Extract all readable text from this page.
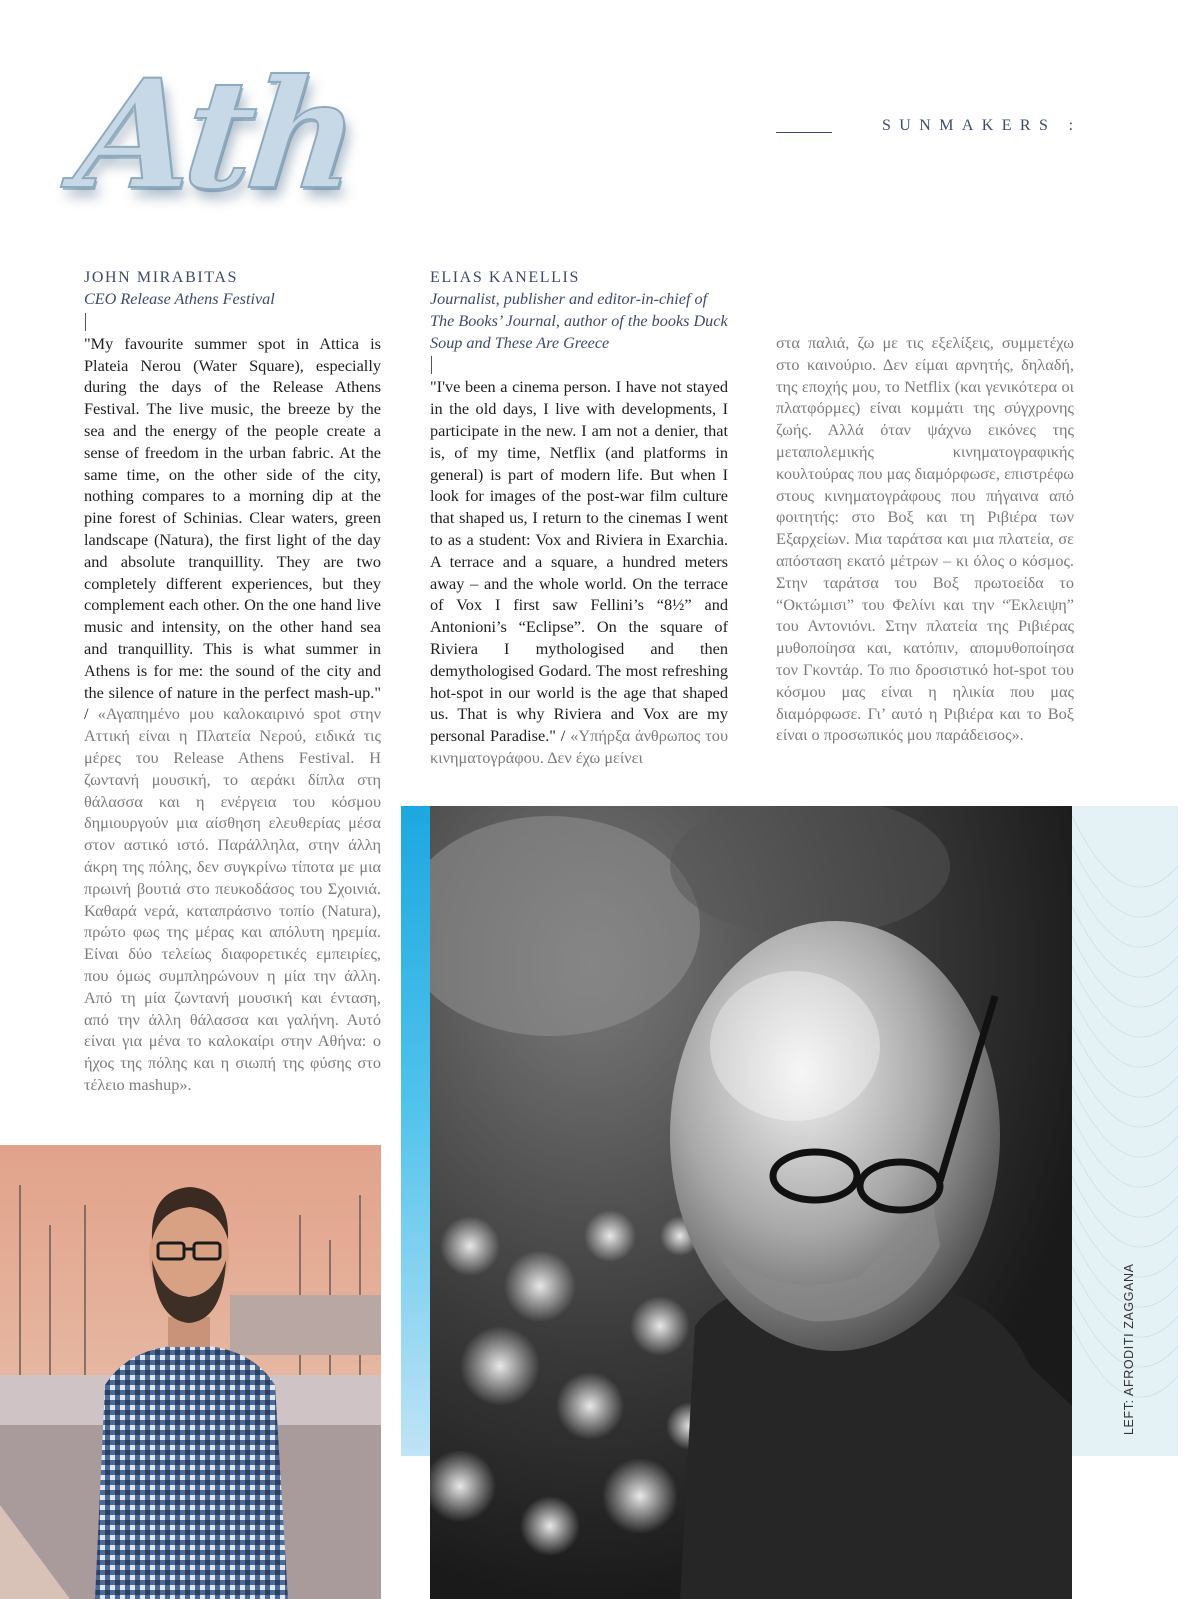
Ath	SUNMAKERS :
JOHN MIRABITAS
CEO Release Athens Festival

"My favourite summer spot in Attica is Plateia Nerou (Water Square), especially during the days of the Release Athens Festival. The live music, the breeze by the sea and the energy of the people create a sense of freedom in the urban fabric. At the same time, on the other side of the city, nothing compares to a morning dip at the pine forest of Schinias. Clear waters, green landscape (Natura), the first light of the day and absolute tranquillity. They are two completely different experiences, but they complement each other. On the one hand live music and intensity, on the other hand sea and tranquillity. This is what summer in Athens is for me: the sound of the city and the silence of nature in the perfect mash-up." / «Αγαπημένο μου καλοκαιρινό spot στην Αττική είναι η Πλατεία Νερού, ειδικά τις μέρες του Release Athens Festival. Η ζωντανή μουσική, το αεράκι δίπλα στη θάλασσα και η ενέργεια του κόσμου δημιουργούν μια αίσθηση ελευθερίας μέσα στον αστικό ιστό. Παράλληλα, στην άλλη άκρη της πόλης, δεν συγκρίνω τίποτα με μια πρωινή βουτιά στο πευκοδάσος του Σχοινιά. Καθαρά νερά, καταπράσινο τοπίο (Natura), πρώτο φως της μέρας και απόλυτη ηρεμία. Είναι δύο τελείως διαφορετικές εμπειρίες, που όμως συμπληρώνουν η μία την άλλη. Από τη μία ζωντανή μουσική και ένταση, από την άλλη θάλασσα και γαλήνη. Αυτό είναι για μένα το καλοκαίρι στην Αθήνα: ο ήχος της πόλης και η σιωπή της φύσης στο τέλειο mashup».

ELIAS KANELLIS
Journalist, publisher and editor-in-chief of The Books’ Journal, author of the books Duck Soup and These Are Greece

"I've been a cinema person. I have not stayed in the old days, I live with developments, I participate in the new. I am not a denier, that is, of my time, Netflix (and platforms in general) is part of modern life. But when I look for images of the post-war film culture that shaped us, I return to the cinemas I went to as a student: Vox and Riviera in Exarchia. A terrace and a square, a hundred meters away – and the whole world. On the terrace of Vox I first saw Fellini’s “8½” and Antonioni’s “Eclipse”. On the square of Riviera I mythologised and then demythologised Godard. The most refreshing hot-spot in our world is the age that shaped us. That is why Riviera and Vox are my personal Paradise." / «Υπήρξα άνθρωπος του κινηματογράφου. Δεν έχω μείνει

στα παλιά, ζω με τις εξελίξεις, συμμετέχω στο καινούριο. Δεν είμαι αρνητής, δηλαδή, της εποχής μου, το Netflix (και γενικότερα οι πλατφόρμες) είναι κομμάτι της σύγχρονης ζωής. Αλλά όταν ψάχνω εικόνες της μεταπολεμικής κινηματογραφικής κουλτούρας που μας διαμόρφωσε, επιστρέφω στους κινηματογράφους που πήγαινα από φοιτητής: στο Βοξ και τη Ριβιέρα των Εξαρχείων. Μια ταράτσα και μια πλατεία, σε απόσταση εκατό μέτρων – κι όλος ο κόσμος. Στην ταράτσα του Βοξ πρωτοείδα το “Οκτώμισι” του Φελίνι και την “Έκλειψη” του Αντονιόνι. Στην πλατεία της Ριβιέρας μυθοποίησα και, κατόπιν, απομυθοποίησα τον Γκοντάρ. Το πιο δροσιστικό hot-spot του κόσμου μας είναι η ηλικία που μας διαμόρφωσε. Γι’ αυτό η Ριβιέρα και το Βοξ είναι ο προσωπικός μου παράδεισος».

LEFT: AFRODITI ZAGGANA
